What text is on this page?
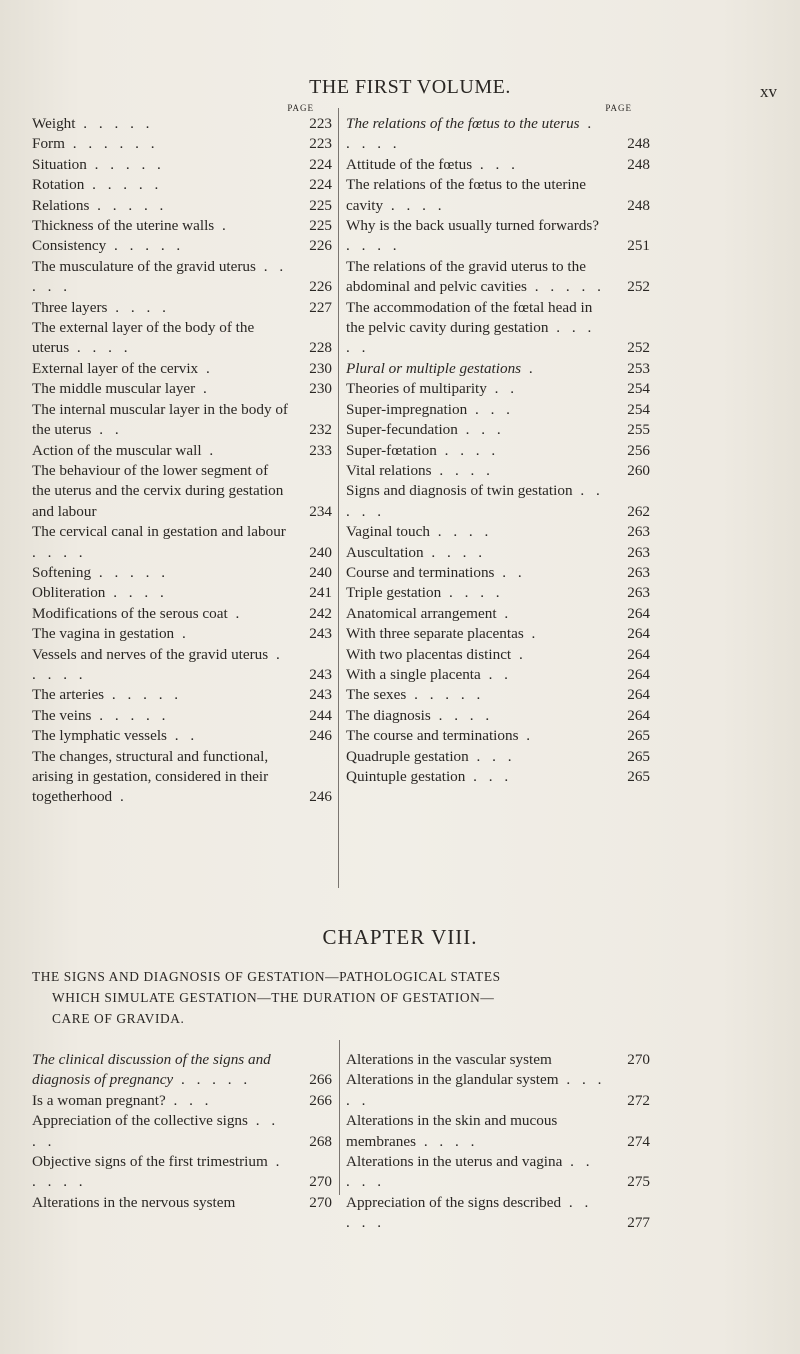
THE FIRST VOLUME.	xv
PAGE
Weight . . . . .	223
Form . . . . . .	223
Situation . . . . .	224
Rotation . . . . .	224
Relations . . . . .	225
Thickness of the uterine walls .	225
Consistency . . . . .	226
The musculature of the gravid uterus . . . . .	226
Three layers . . . .	227
The external layer of the body of the uterus . . . .	228
External layer of the cervix .	230
The middle muscular layer .	230
The internal muscular layer in the body of the uterus . .	232
Action of the muscular wall .	233
The behaviour of the lower segment of the uterus and the cervix during gestation and labour	234
The cervical canal in gestation and labour . . . .	240
Softening . . . . .	240
Obliteration . . . .	241
Modifications of the serous coat .	242
The vagina in gestation .	243
Vessels and nerves of the gravid uterus . . . . .	243
The arteries . . . . .	243
The veins . . . . .	244
The lymphatic vessels . .	246
The changes, structural and functional, arising in gestation, considered in their togetherhood .	246
PAGE
The relations of the fœtus to the uterus . . . . .	248
Attitude of the fœtus . . .	248
The relations of the fœtus to the uterine cavity . . . .	248
Why is the back usually turned forwards? . . . .	251
The relations of the gravid uterus to the abdominal and pelvic cavities . . . . .	252
The accommodation of the fœtal head in the pelvic cavity during gestation . . . . .	252
Plural or multiple gestations .	253
Theories of multiparity . .	254
Super-impregnation . . .	254
Super-fecundation . . .	255
Super-fœtation . . . .	256
Vital relations . . . .	260
Signs and diagnosis of twin gestation . . . . .	262
Vaginal touch . . . .	263
Auscultation . . . .	263
Course and terminations . .	263
Triple gestation . . . .	263
Anatomical arrangement .	264
With three separate placentas .	264
With two placentas distinct .	264
With a single placenta . .	264
The sexes . . . . .	264
The diagnosis . . . .	264
The course and terminations .	265
Quadruple gestation . . .	265
Quintuple gestation . . .	265
CHAPTER VIII.
THE SIGNS AND DIAGNOSIS OF GESTATION—PATHOLOGICAL STATES
WHICH SIMULATE GESTATION—THE DURATION OF GESTATION—
CARE OF GRAVIDA.
The clinical discussion of the signs and diagnosis of pregnancy . . . . .	266
Is a woman pregnant? . . .	266
Appreciation of the collective signs . . . .	268
Objective signs of the first trimestrium . . . . .	270
Alterations in the nervous system	270
Alterations in the vascular system	270
Alterations in the glandular system . . . . .	272
Alterations in the skin and mucous membranes . . . .	274
Alterations in the uterus and vagina . . . . .	275
Appreciation of the signs described . . . . .	277
